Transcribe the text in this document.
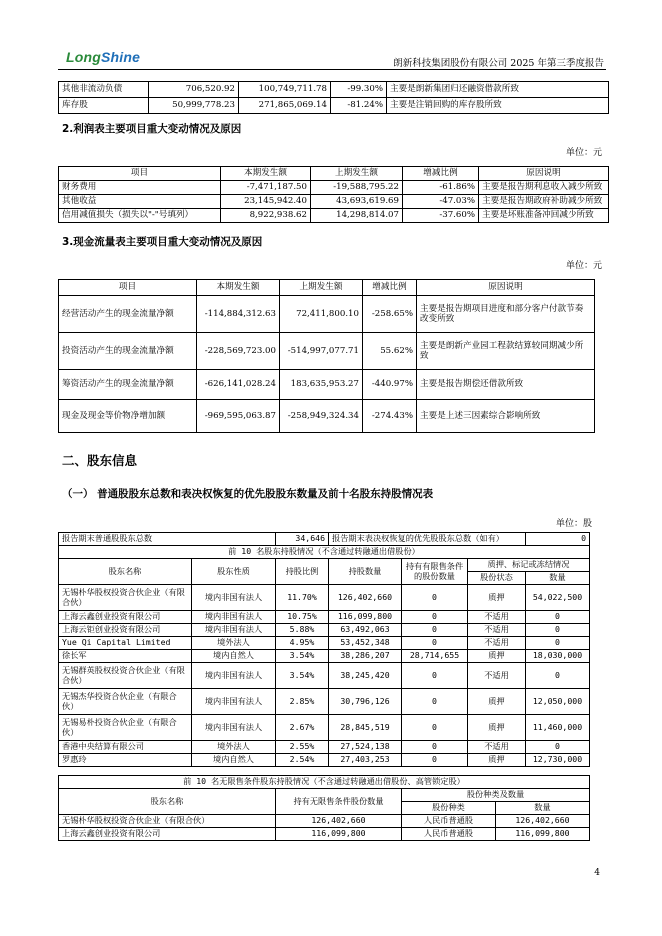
LongShine	朗新科技集团股份有限公司 2025 年第三季度报告
其他非流动负债	706,520.92	100,749,711.78	-99.30%	主要是朗新集团归还融资借款所致
库存股	50,999,778.23	271,865,069.14	-81.24%	主要是注销回购的库存股所致
2.利润表主要项目重大变动情况及原因
单位：元
项目	本期发生额	上期发生额	增减比例	原因说明
财务费用	-7,471,187.50	-19,588,795.22	-61.86%	主要是报告期利息收入减少所致
其他收益	23,145,942.40	43,693,619.69	-47.03%	主要是报告期政府补助减少所致
信用减值损失（损失以"-"号填列）	8,922,938.62	14,298,814.07	-37.60%	主要是坏账准备冲回减少所致
3.现金流量表主要项目重大变动情况及原因
单位：元
项目	本期发生额	上期发生额	增减比例	原因说明
经营活动产生的现金流量净额	-114,884,312.63	72,411,800.10	-258.65%	主要是报告期项目进度和部分客户付款节奏改变所致
投资活动产生的现金流量净额	-228,569,723.00	-514,997,077.71	55.62%	主要是朗新产业园工程款结算较同期减少所致
筹资活动产生的现金流量净额	-626,141,028.24	183,635,953.27	-440.97%	主要是报告期偿还借款所致
现金及现金等价物净增加额	-969,595,063.87	-258,949,324.34	-274.43%	主要是上述三因素综合影响所致
二、股东信息
（一） 普通股股东总数和表决权恢复的优先股股东数量及前十名股东持股情况表
单位：股
报告期末普通股股东总数		34,646	报告期末表决权恢复的优先股股东总数（如有）			0
前 10 名股东持股情况（不含通过转融通出借股份）						
股东名称	股东性质	持股比例	持股数量	持有有限售条件的股份数量	质押、标记或冻结情况	
					股份状态	数量
无锡朴华股权投资合伙企业（有限合伙）	境内非国有法人	11.70%	126,402,660	0	质押	54,022,500
上海云鑫创业投资有限公司	境内非国有法人	10.75%	116,099,800	0	不适用	0
上海云钜创业投资有限公司	境内非国有法人	5.88%	63,492,063	0	不适用	0
Yue Qi Capital Limited	境外法人	4.95%	53,452,348	0	不适用	0
徐长军	境内自然人	3.54%	38,286,207	28,714,655	质押	18,030,000
无锡群英股权投资合伙企业（有限合伙）	境内非国有法人	3.54%	38,245,420	0	不适用	0
无锡杰华投资合伙企业（有限合伙）	境内非国有法人	2.85%	30,796,126	0	质押	12,050,000
无锡易朴投资合伙企业（有限合伙）	境内非国有法人	2.67%	28,845,519	0	质押	11,460,000
香港中央结算有限公司	境外法人	2.55%	27,524,138	0	不适用	0
罗惠玲	境内自然人	2.54%	27,403,253	0	质押	12,730,000
前 10 名无限售条件股东持股情况（不含通过转融通出借股份、高管锁定股）			
股东名称	持有无限售条件股份数量	股份种类及数量	
		股份种类	数量
无锡朴华股权投资合伙企业（有限合伙）	126,402,660	人民币普通股	126,402,660
上海云鑫创业投资有限公司	116,099,800	人民币普通股	116,099,800
4
